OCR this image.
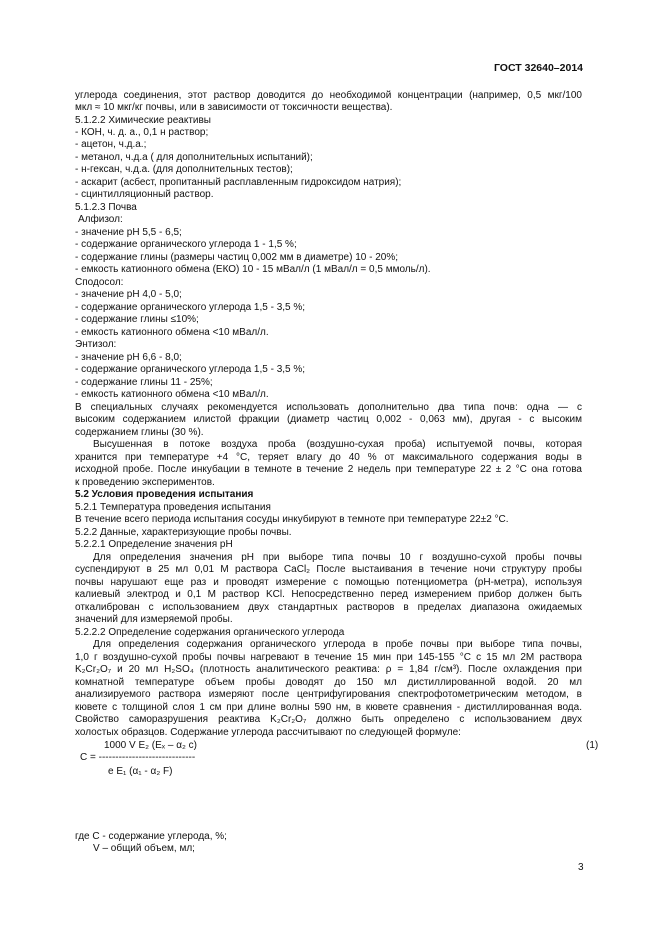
ГОСТ 32640–2014
углерода соединения, этот раствор доводится до необходимой концентрации (например, 0,5 мкг/100
мкл ≈ 10 мкг/кг почвы, или в зависимости от токсичности вещества).
5.1.2.2 Химические реактивы
- КОН, ч. д. а., 0,1 н раствор;
- ацетон, ч.д.а.;
- метанол, ч.д.а ( для дополнительных испытаний);
- н-гексан, ч.д.а. (для дополнительных тестов);
- аскарит (асбест, пропитанный расплавленным гидроксидом натрия);
- сцинтилляционный раствор.
5.1.2.3 Почва
Алфизол:
- значение pH 5,5 - 6,5;
- содержание органического углерода 1 - 1,5 %;
- содержание глины (размеры частиц 0,002 мм в диаметре) 10 - 20%;
- емкость катионного обмена (ЕКО) 10 - 15 мВал/л (1 мВал/л = 0,5 ммоль/л).
Сподосол:
- значение pH 4,0 - 5,0;
- содержание органического углерода 1,5 - 3,5 %;
- содержание глины ≤10%;
- емкость катионного обмена <10 мВал/л.
Энтизол:
- значение pH 6,6 - 8,0;
- содержание органического углерода 1,5 - 3,5 %;
- содержание глины 11 - 25%;
- емкость катионного обмена <10 мВал/л.
В специальных случаях рекомендуется использовать дополнительно два типа почв: одна — с
высоким содержанием илистой фракции (диаметр частиц 0,002 - 0,063 мм), другая - с высоким
содержанием глины (30 %).
Высушенная в потоке воздуха проба (воздушно-сухая проба) испытуемой почвы, которая
хранится при температуре +4 °С, теряет влагу до 40 % от максимального содержания воды в
исходной пробе. После инкубации в темноте в течение 2 недель при температуре 22 ± 2 °С она готова
к проведению экспериментов.
5.2 Условия проведения испытания
5.2.1 Температура проведения испытания
В течение всего периода испытания сосуды инкубируют в темноте при температуре 22±2 °С.
5.2.2 Данные, характеризующие пробы почвы.
5.2.2.1 Определение значения pH
Для определения значения pH при выборе типа почвы 10 г воздушно-сухой пробы почвы
суспендируют в 25 мл 0,01 М раствора CaCl₂ После выстаивания в течение ночи структуру пробы
почвы нарушают еще раз и проводят измерение с помощью потенциометра (pH-метра), используя
калиевый электрод и 0,1 М раствор KCl. Непосредственно перед измерением прибор должен быть
откалиброван с использованием двух стандартных растворов в пределах диапазона ожидаемых
значений для измеряемой пробы.
5.2.2.2 Определение содержания органического углерода
Для определения содержания органического углерода в пробе почвы при выборе типа почвы,
1,0 г воздушно-сухой пробы почвы нагревают в течение 15 мин при 145-155 °С с 15 мл 2М раствора
K₂Cr₂O₇ и 20 мл H₂SO₄ (плотность аналитического реактива: ρ = 1,84 г/см³). После охлаждения при
комнатной температуре объем пробы доводят до 150 мл дистиллированной водой. 20 мл
анализируемого раствора измеряют после центрифугирования спектрофотометрическим методом, в
кювете с толщиной слоя 1 см при длине волны 590 нм, в кювете сравнения - дистиллированная вода.
Свойство саморазрушения реактива K₂Cr₂O₇ должно быть определено с использованием двух
холостых образцов. Содержание углерода рассчитывают по следующей формуле:
1000 V E₂ (Eₓ – α₂ c)
C = -----------------------------
e E₁ (α₁ - α₂ F)
(1)
где С - содержание углерода, %;
V – общий объем, мл;
3
